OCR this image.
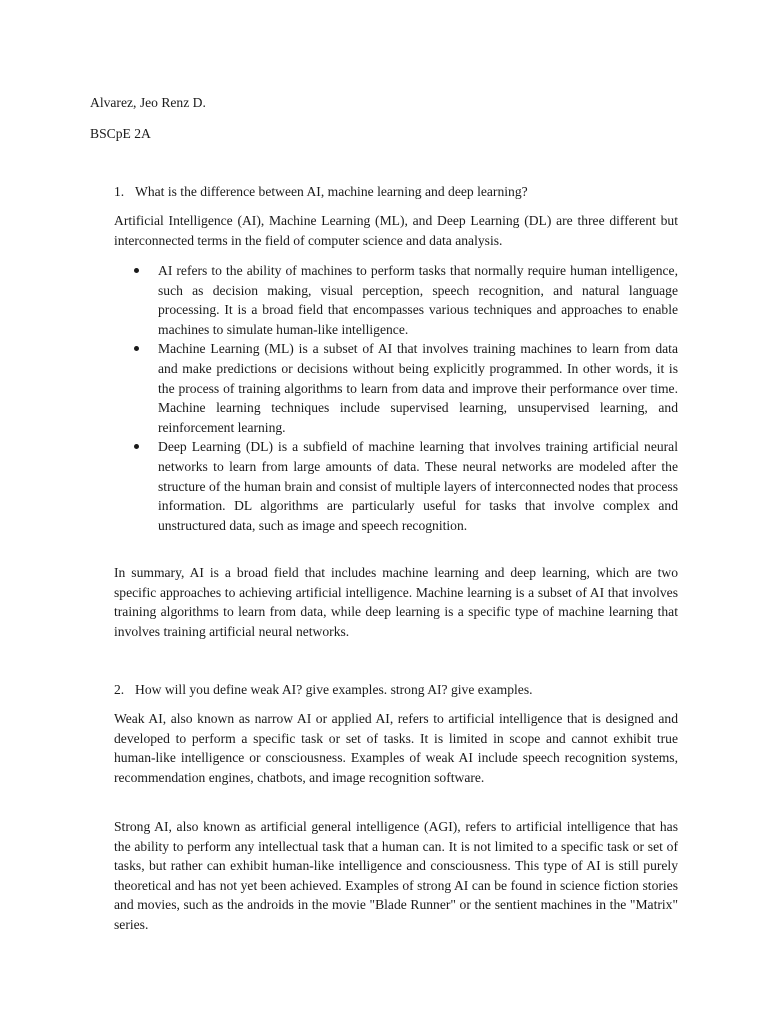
Alvarez, Jeo Renz D.
BSCpE 2A
1. What is the difference between AI, machine learning and deep learning?
Artificial Intelligence (AI), Machine Learning (ML), and Deep Learning (DL) are three different but interconnected terms in the field of computer science and data analysis.
AI refers to the ability of machines to perform tasks that normally require human intelligence, such as decision making, visual perception, speech recognition, and natural language processing. It is a broad field that encompasses various techniques and approaches to enable machines to simulate human-like intelligence.
Machine Learning (ML) is a subset of AI that involves training machines to learn from data and make predictions or decisions without being explicitly programmed. In other words, it is the process of training algorithms to learn from data and improve their performance over time. Machine learning techniques include supervised learning, unsupervised learning, and reinforcement learning.
Deep Learning (DL) is a subfield of machine learning that involves training artificial neural networks to learn from large amounts of data. These neural networks are modeled after the structure of the human brain and consist of multiple layers of interconnected nodes that process information. DL algorithms are particularly useful for tasks that involve complex and unstructured data, such as image and speech recognition.
In summary, AI is a broad field that includes machine learning and deep learning, which are two specific approaches to achieving artificial intelligence. Machine learning is a subset of AI that involves training algorithms to learn from data, while deep learning is a specific type of machine learning that involves training artificial neural networks.
2. How will you define weak AI? give examples. strong AI? give examples.
Weak AI, also known as narrow AI or applied AI, refers to artificial intelligence that is designed and developed to perform a specific task or set of tasks. It is limited in scope and cannot exhibit true human-like intelligence or consciousness. Examples of weak AI include speech recognition systems, recommendation engines, chatbots, and image recognition software.
Strong AI, also known as artificial general intelligence (AGI), refers to artificial intelligence that has the ability to perform any intellectual task that a human can. It is not limited to a specific task or set of tasks, but rather can exhibit human-like intelligence and consciousness. This type of AI is still purely theoretical and has not yet been achieved. Examples of strong AI can be found in science fiction stories and movies, such as the androids in the movie "Blade Runner" or the sentient machines in the "Matrix" series.
